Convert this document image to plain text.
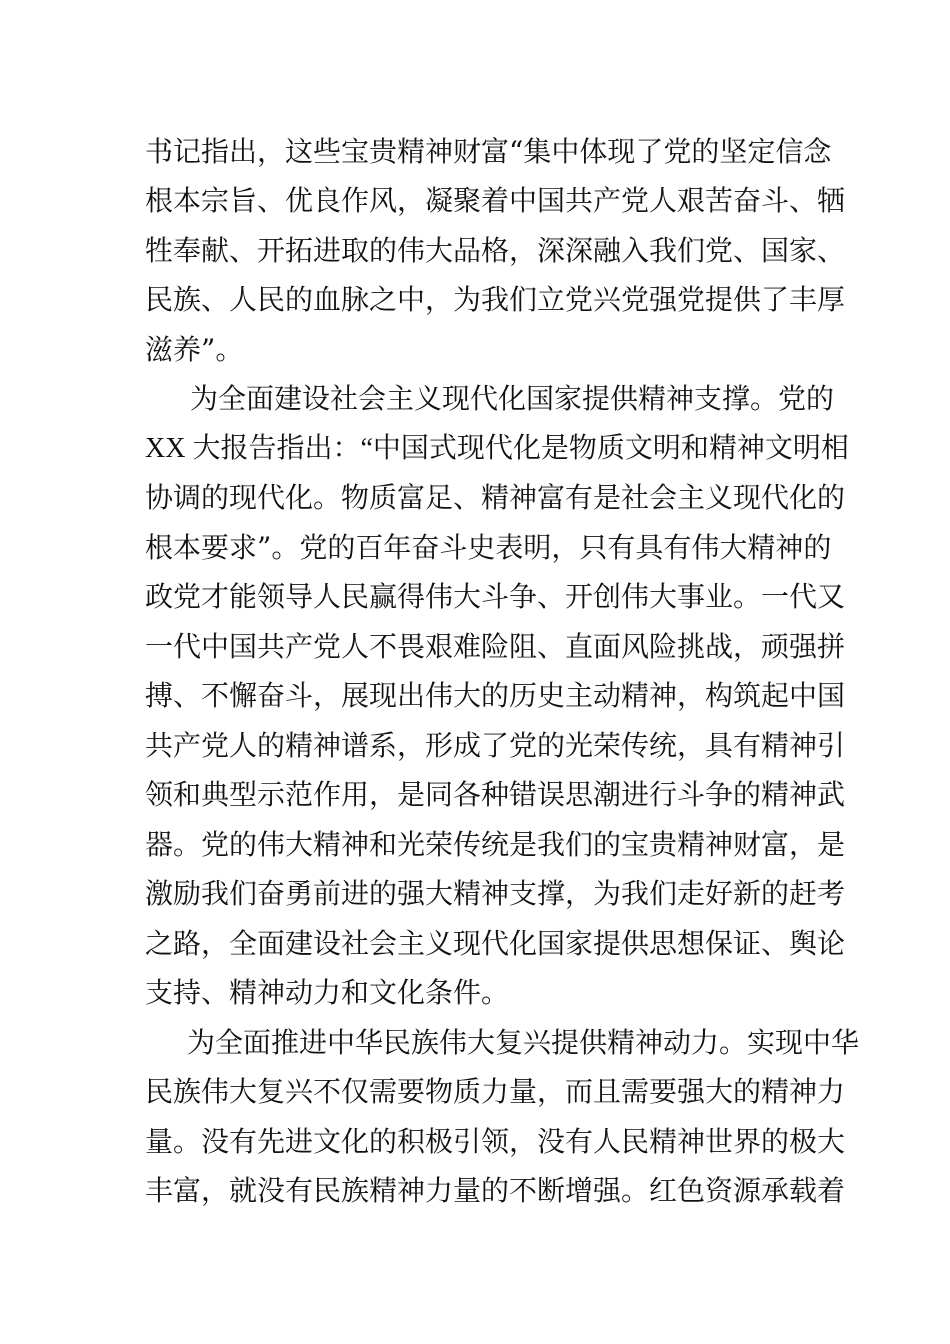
书记指出，这些宝贵精神财富“集中体现了党的坚定信念

根本宗旨、优良作风，凝聚着中国共产党人艰苦奋斗、牺

牲奉献、开拓进取的伟大品格，深深融入我们党、国家、

民族、人民的血脉之中，为我们立党兴党强党提供了丰厚

滋养”。

为全面建设社会主义现代化国家提供精神支撑。党的

XX 大报告指出：“中国式现代化是物质文明和精神文明相

协调的现代化。物质富足、精神富有是社会主义现代化的

根本要求”。党的百年奋斗史表明，只有具有伟大精神的

政党才能领导人民赢得伟大斗争、开创伟大事业。一代又

一代中国共产党人不畏艰难险阻、直面风险挑战，顽强拼

搏、不懈奋斗，展现出伟大的历史主动精神，构筑起中国

共产党人的精神谱系，形成了党的光荣传统，具有精神引

领和典型示范作用，是同各种错误思潮进行斗争的精神武

器。党的伟大精神和光荣传统是我们的宝贵精神财富，是

激励我们奋勇前进的强大精神支撑，为我们走好新的赶考

之路，全面建设社会主义现代化国家提供思想保证、舆论

支持、精神动力和文化条件。

为全面推进中华民族伟大复兴提供精神动力。实现中华

民族伟大复兴不仅需要物质力量，而且需要强大的精神力

量。没有先进文化的积极引领，没有人民精神世界的极大

丰富，就没有民族精神力量的不断增强。红色资源承载着
